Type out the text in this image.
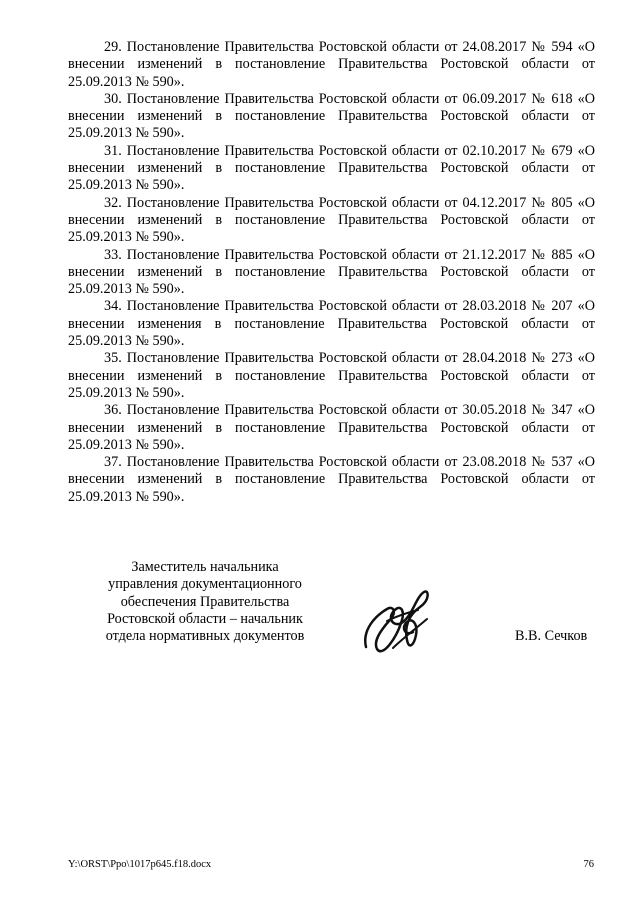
29. Постановление Правительства Ростовской области от 24.08.2017 № 594 «О внесении изменений в постановление Правительства Ростовской области от 25.09.2013 № 590».

30. Постановление Правительства Ростовской области от 06.09.2017 № 618 «О внесении изменений в постановление Правительства Ростовской области от 25.09.2013 № 590».

31. Постановление Правительства Ростовской области от 02.10.2017 № 679 «О внесении изменений в постановление Правительства Ростовской области от 25.09.2013 № 590».

32. Постановление Правительства Ростовской области от 04.12.2017 № 805 «О внесении изменений в постановление Правительства Ростовской области от 25.09.2013 № 590».

33. Постановление Правительства Ростовской области от 21.12.2017 № 885 «О внесении изменений в постановление Правительства Ростовской области от 25.09.2013 № 590».

34. Постановление Правительства Ростовской области от 28.03.2018 № 207 «О внесении изменения в постановление Правительства Ростовской области от 25.09.2013 № 590».

35. Постановление Правительства Ростовской области от 28.04.2018 № 273 «О внесении изменений в постановление Правительства Ростовской области от 25.09.2013 № 590».

36. Постановление Правительства Ростовской области от 30.05.2018 № 347 «О внесении изменений в постановление Правительства Ростовской области от 25.09.2013 № 590».

37. Постановление Правительства Ростовской области от 23.08.2018 № 537 «О внесении изменений в постановление Правительства Ростовской области от 25.09.2013 № 590».

Заместитель начальника
управления документационного
обеспечения Правительства
Ростовской области – начальник
отдела нормативных документов	В.В. Сечков
Y:\ORST\Ppo\1017p645.f18.docx	76
